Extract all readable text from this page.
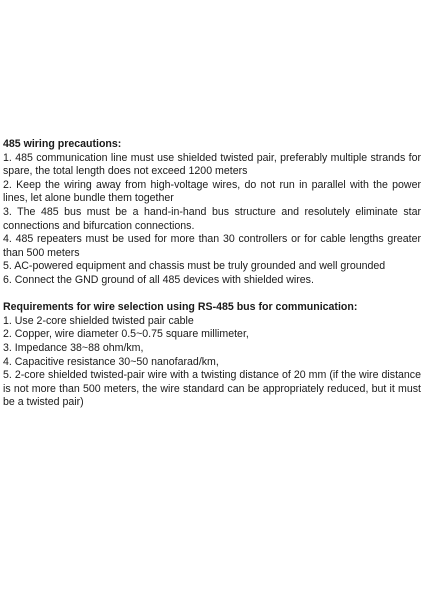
485 wiring precautions:

1. 485 communication line must use shielded twisted pair, preferably multiple strands for spare, the total length does not exceed 1200 meters

2. Keep the wiring away from high-voltage wires, do not run in parallel with the power lines, let alone bundle them together

3. The 485 bus must be a hand-in-hand bus structure and resolutely eliminate star connections and bifurcation connections.

4. 485 repeaters must be used for more than 30 controllers or for cable lengths greater than 500 meters

5. AC-powered equipment and chassis must be truly grounded and well grounded

6. Connect the GND ground of all 485 devices with shielded wires.

Requirements for wire selection using RS-485 bus for communication:

1. Use 2-core shielded twisted pair cable

2. Copper, wire diameter 0.5~0.75 square millimeter,

3. Impedance 38~88 ohm/km,

4. Capacitive resistance 30~50 nanofarad/km,

5. 2-core shielded twisted-pair wire with a twisting distance of 20 mm (if the wire distance is not more than 500 meters, the wire standard can be appropriately reduced, but it must be a twisted pair)
